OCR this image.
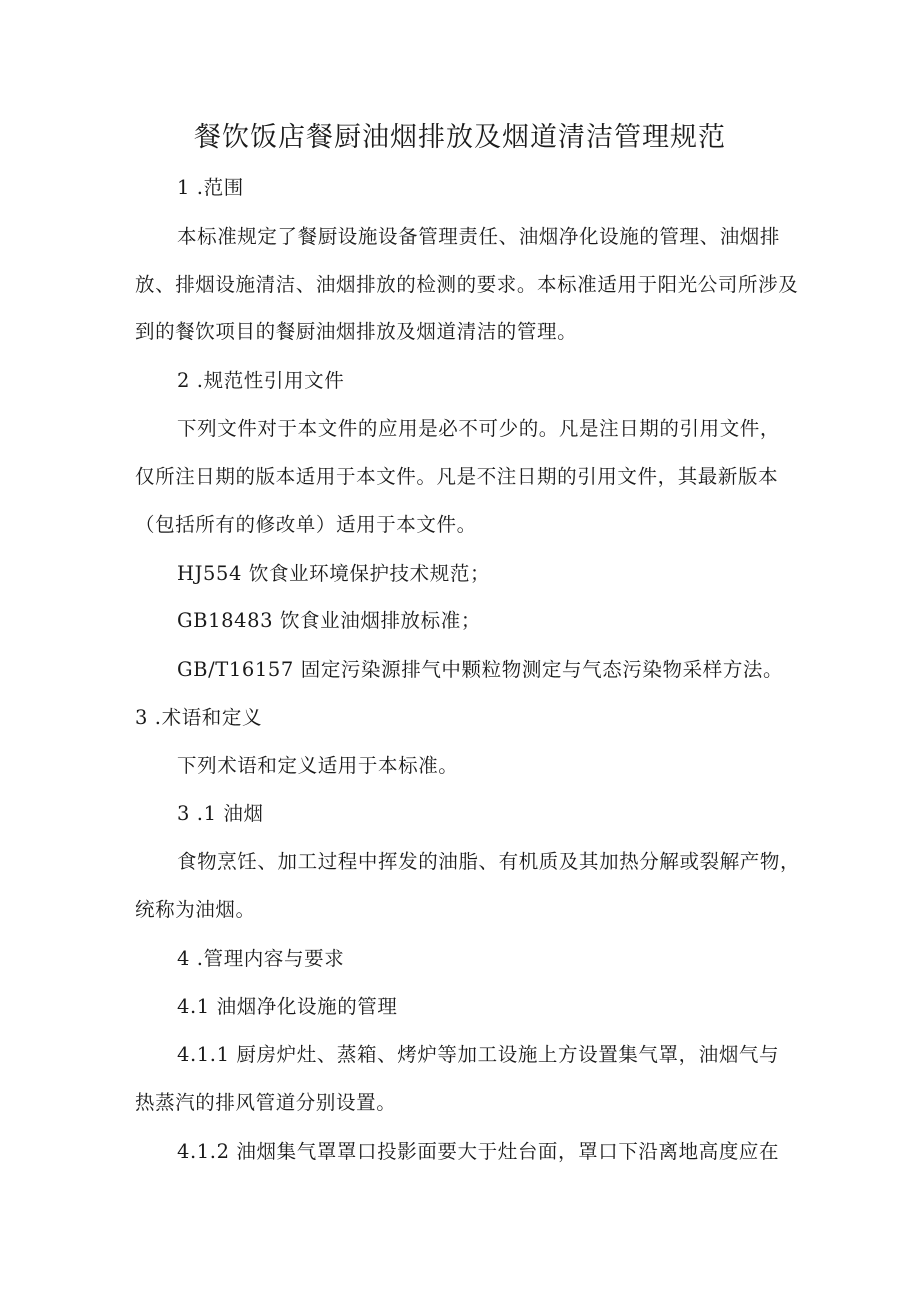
餐饮饭店餐厨油烟排放及烟道清洁管理规范
1 .范围
本标准规定了餐厨设施设备管理责任、油烟净化设施的管理、油烟排
放、排烟设施清洁、油烟排放的检测的要求。本标准适用于阳光公司所涉及
到的餐饮项目的餐厨油烟排放及烟道清洁的管理。
2 .规范性引用文件
下列文件对于本文件的应用是必不可少的。凡是注日期的引用文件，
仅所注日期的版本适用于本文件。凡是不注日期的引用文件，其最新版本
（包括所有的修改单）适用于本文件。
HJ554 饮食业环境保护技术规范；
GB18483 饮食业油烟排放标准；
GB/T16157 固定污染源排气中颗粒物测定与气态污染物采样方法。
3 .术语和定义
下列术语和定义适用于本标准。
3 .1 油烟
食物烹饪、加工过程中挥发的油脂、有机质及其加热分解或裂解产物，
统称为油烟。
4 .管理内容与要求
4.1 油烟净化设施的管理
4.1.1 厨房炉灶、蒸箱、烤炉等加工设施上方设置集气罩，油烟气与
热蒸汽的排风管道分别设置。
4.1.2 油烟集气罩罩口投影面要大于灶台面，罩口下沿离地高度应在
